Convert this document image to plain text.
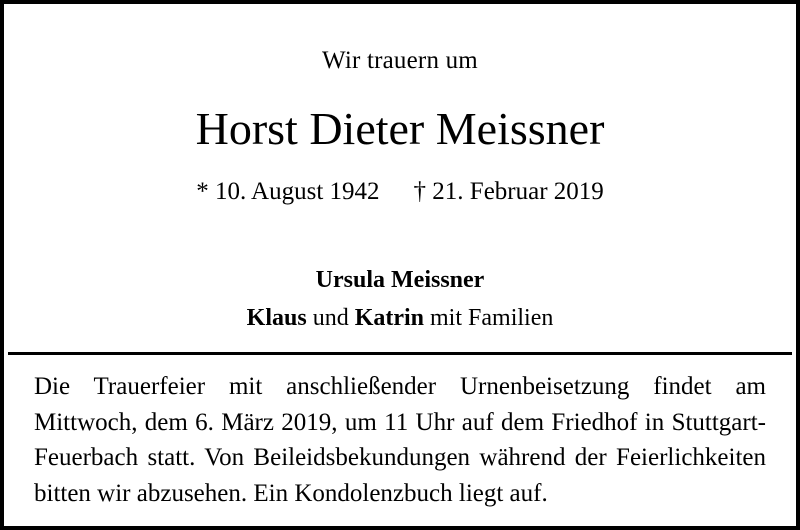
Wir trauern um
Horst Dieter Meissner
* 10. August 1942 † 21. Februar 2019
Ursula Meissner
Klaus und Katrin mit Familien

Die Trauerfeier mit anschließender Urnenbeisetzung findet am Mittwoch, dem 6. März 2019, um 11 Uhr auf dem Friedhof in Stuttgart-Feuerbach statt. Von Beileidsbekundungen während der Feierlichkeiten bitten wir abzusehen. Ein Kondolenzbuch liegt auf.
